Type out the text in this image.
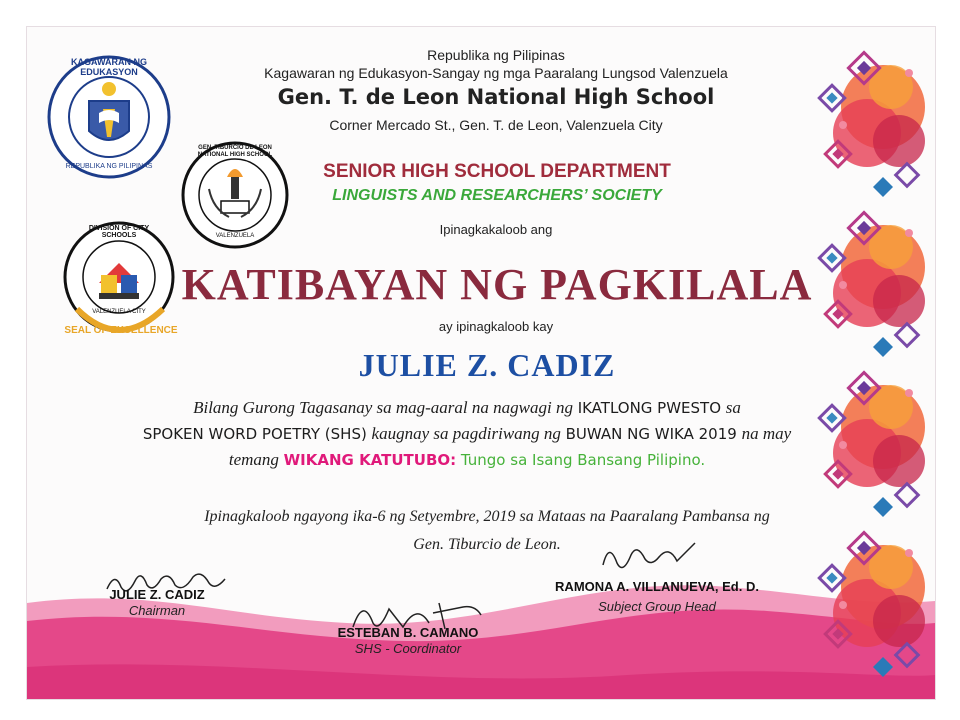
KAGAWARAN NG EDUKASYON
REPUBLIKA NG PILIPINAS
GEN. TIBURCIO DE LEON NATIONAL HIGH SCHOOL
VALENZUELA
DIVISION OF CITY SCHOOLS
VALENZUELA CITY
SEAL OF EXCELLENCE
Republika ng Pilipinas
Kagawaran ng Edukasyon-Sangay ng mga Paaralang Lungsod Valenzuela
Gen. T. de Leon National High School
Corner Mercado St., Gen. T. de Leon, Valenzuela City
SENIOR HIGH SCHOOL DEPARTMENT
LINGUISTS AND RESEARCHERS’ SOCIETY
Ipinagkakaloob ang
KATIBAYAN NG PAGKILALA
ay ipinagkaloob kay
JULIE Z. CADIZ
Bilang Gurong Tagasanay sa mag-aaral na nagwagi ng IKATLONG PWESTO sa
SPOKEN WORD POETRY (SHS) kaugnay sa pagdiriwang ng BUWAN NG WIKA 2019 na may
temang WIKANG KATUTUBO: Tungo sa Isang Bansang Pilipino.
Ipinagkaloob ngayong ika-6 ng Setyembre, 2019 sa Mataas na Paaralang Pambansa ng
Gen. Tiburcio de Leon.
JULIE Z. CADIZ
Chairman
ESTEBAN B. CAMANO
SHS - Coordinator
RAMONA A. VILLANUEVA, Ed. D.
Subject Group Head
